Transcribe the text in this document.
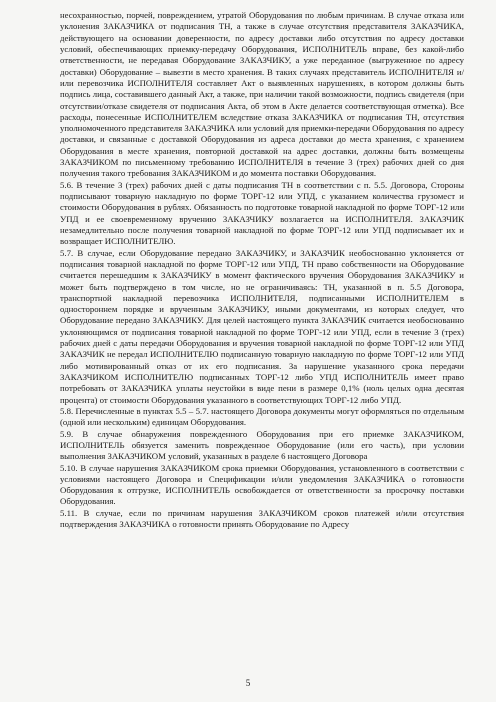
несохранностью, порчей, повреждением, утратой Оборудования по любым причинам. В случае отказа или уклонения ЗАКАЗЧИКА от подписания ТН, а также в случае отсутствия представителя ЗАКАЗЧИКА, действующего на основании доверенности, по адресу доставки либо отсутствия по адресу доставки условий, обеспечивающих приемку-передачу Оборудования, ИСПОЛНИТЕЛЬ вправе, без какой-либо ответственности, не передавая Оборудование ЗАКАЗЧИКУ, а уже переданное (выгруженное по адресу доставки) Оборудование – вывезти в место хранения. В таких случаях представитель ИСПОЛНИТЕЛЯ и/или перевозчика ИСПОЛНИТЕЛЯ составляет Акт о выявленных нарушениях, в котором должны быть подпись лица, составившего данный Акт, а также, при наличии такой возможности, подпись свидетеля (при отсутствии/отказе свидетеля от подписания Акта, об этом в Акте делается соответствующая отметка). Все расходы, понесенные ИСПОЛНИТЕЛЕМ вследствие отказа ЗАКАЗЧИКА от подписания ТН, отсутствия уполномоченного представителя ЗАКАЗЧИКА или условий для приемки-передачи Оборудования по адресу доставки, и связанные с доставкой Оборудования из адреса доставки до места хранения, с хранением Оборудования в месте хранения, повторной доставкой на адрес доставки, должны быть возмещены ЗАКАЗЧИКОМ по письменному требованию ИСПОЛНИТЕЛЯ в течение 3 (трех) рабочих дней со дня получения такого требования ЗАКАЗЧИКОМ и до момента поставки Оборудования.

5.6. В течение 3 (трех) рабочих дней с даты подписания ТН в соответствии с п. 5.5. Договора, Стороны подписывают товарную накладную по форме ТОРГ-12 или УПД, с указанием количества грузомест и стоимости Оборудования в рублях. Обязанность по подготовке товарной накладной по форме ТОРГ-12 или УПД и ее своевременному вручению ЗАКАЗЧИКУ возлагается на ИСПОЛНИТЕЛЯ. ЗАКАЗЧИК незамедлительно после получения товарной накладной по форме ТОРГ-12 или УПД подписывает их и возвращает ИСПОЛНИТЕЛЮ.

5.7. В случае, если Оборудование передано ЗАКАЗЧИКУ, и ЗАКАЗЧИК необоснованно уклоняется от подписания товарной накладной по форме ТОРГ-12 или УПД, ТН право собственности на Оборудование считается перешедшим к ЗАКАЗЧИКУ в момент фактического вручения Оборудования ЗАКАЗЧИКУ и может быть подтверждено в том числе, но не ограничиваясь: ТН, указанной в п. 5.5 Договора, транспортной накладной перевозчика ИСПОЛНИТЕЛЯ, подписанными ИСПОЛНИТЕЛЕМ в одностороннем порядке и врученным ЗАКАЗЧИКУ, иными документами, из которых следует, что Оборудование передано ЗАКАЗЧИКУ. Для целей настоящего пункта ЗАКАЗЧИК считается необоснованно уклоняющимся от подписания товарной накладной по форме ТОРГ-12 или УПД, если в течение 3 (трех) рабочих дней с даты передачи Оборудования и вручения товарной накладной по форме ТОРГ-12 или УПД ЗАКАЗЧИК не передал ИСПОЛНИТЕЛЮ подписанную товарную накладную по форме ТОРГ-12 или УПД либо мотивированный отказ от их его подписания. За нарушение указанного срока передачи ЗАКАЗЧИКОМ ИСПОЛНИТЕЛЮ подписанных ТОРГ-12 либо УПД ИСПОЛНИТЕЛЬ имеет право потребовать от ЗАКАЗЧИКА уплаты неустойки в виде пени в размере 0,1% (ноль целых одна десятая процента) от стоимости Оборудования указанного в соответствующих ТОРГ-12 либо УПД.

5.8. Перечисленные в пунктах 5.5 – 5.7. настоящего Договора документы могут оформляться по отдельным (одной или нескольким) единицам Оборудования.

5.9. В случае обнаружения поврежденного Оборудования при его приемке ЗАКАЗЧИКОМ, ИСПОЛНИТЕЛЬ обязуется заменить поврежденное Оборудование (или его часть), при условии выполнения ЗАКАЗЧИКОМ условий, указанных в разделе 6 настоящего Договора

5.10. В случае нарушения ЗАКАЗЧИКОМ срока приемки Оборудования, установленного в соответствии с условиями настоящего Договора и Спецификации и/или уведомления ЗАКАЗЧИКА о готовности Оборудования к отгрузке, ИСПОЛНИТЕЛЬ освобождается от ответственности за просрочку поставки Оборудования.

5.11. В случае, если по причинам нарушения ЗАКАЗЧИКОМ сроков платежей и/или отсутствия подтверждения ЗАКАЗЧИКА о готовности принять Оборудование по Адресу

5
